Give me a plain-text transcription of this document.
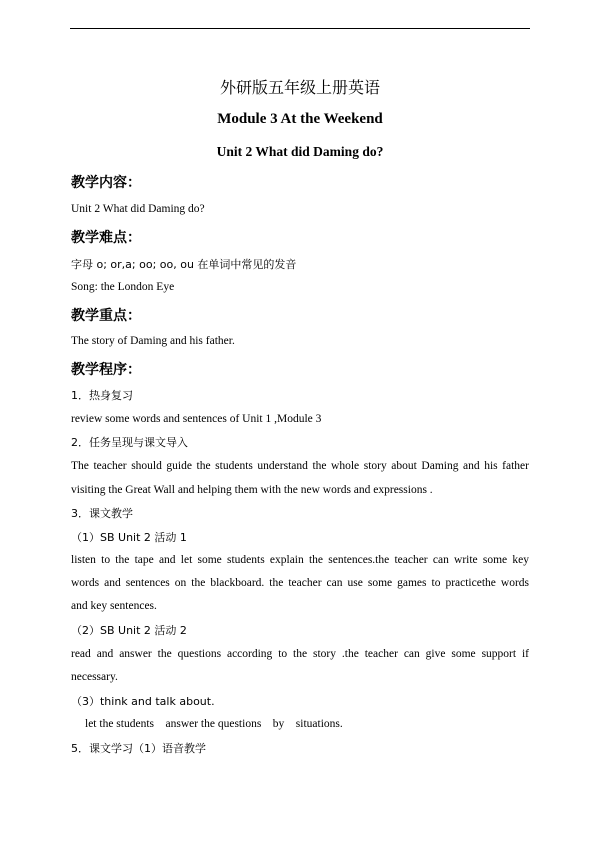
外研版五年级上册英语
Module 3 At the Weekend
Unit 2 What did Daming do?
教学内容：
Unit 2 What did Daming do?
教学难点：
字母 o; or,a; oo; oo, ou 在单词中常见的发音
Song: the London Eye
教学重点：
The story of Daming and his father.
教学程序：
1．热身复习
review some words and sentences of Unit 1 ,Module 3
2．任务呈现与课文导入
The teacher should guide the students understand the whole story about Daming and his father
visiting the Great Wall and helping them with the new words and expressions .
3．课文教学
（1）SB Unit 2 活动 1
listen to the tape and let some students explain the sentences.the teacher can write some key
words and sentences on the blackboard. the teacher can use some games to practicethe words
and key sentences.
（2）SB Unit 2 活动 2
read and answer the questions according to the story .the teacher can give some support if
necessary.
（3）think and talk about.
let the students    answer the questions    by    situations.
5．课文学习（1）语音教学
